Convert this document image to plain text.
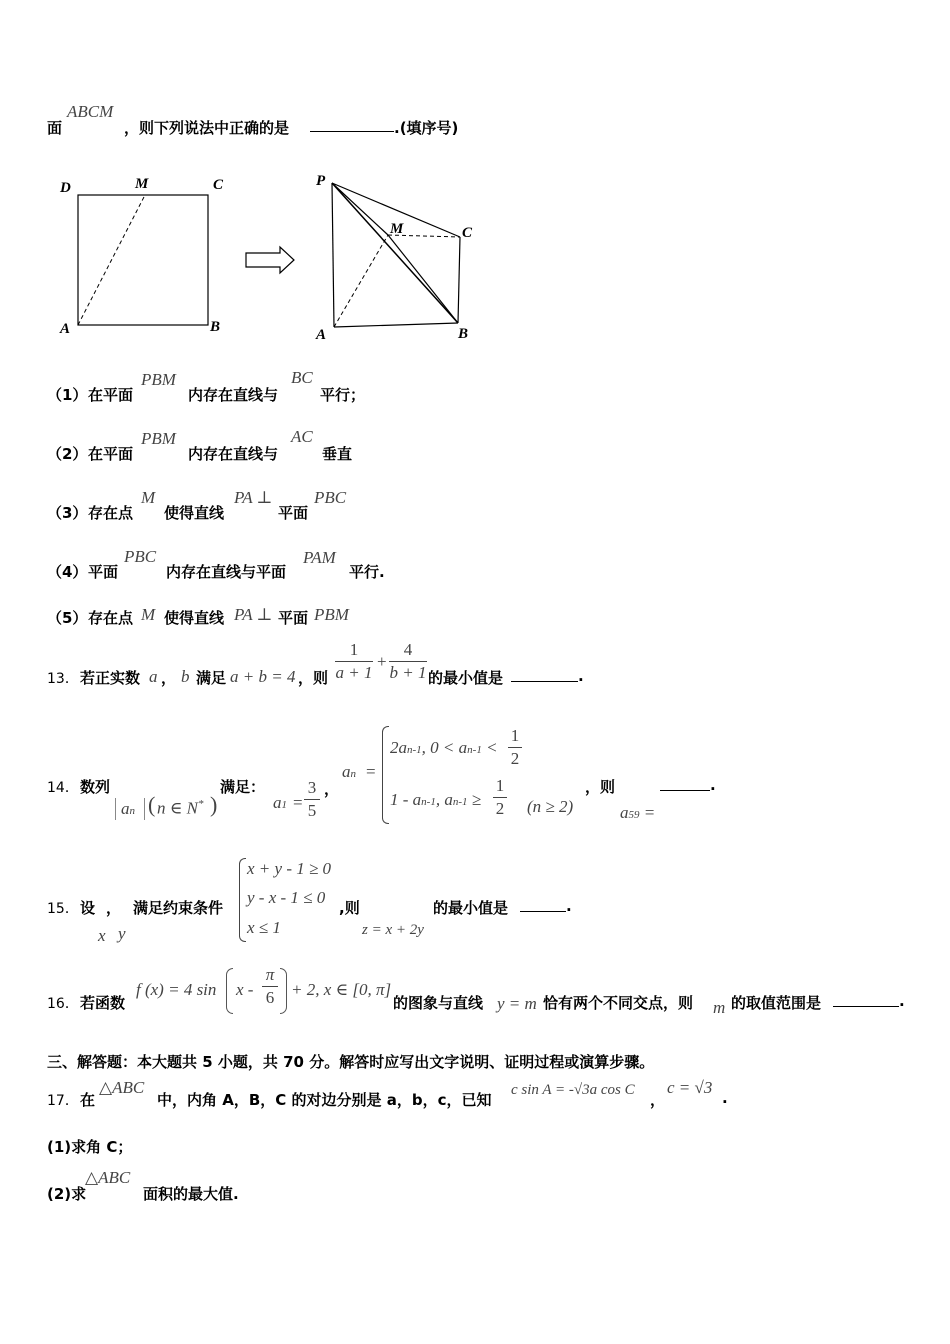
面
ABCM
，则下列说法中正确的是	.(填序号)
D	M	C
A	B
P
M	C
A	B
（1） 在平面
PBM
内存在直线与
BC
平行；
（2） 在平面
PBM
内存在直线与
AC
垂直
（3） 存在点
M
使得直线
PA ⊥
平面
PBC
（4） 平面
PBC
内存在直线与平面
PAM
平行.
（5） 存在点 M 使得直线 PA ⊥ 平面 PBM
13． 若正实数 a ， b 满足 a + b = 4 ，则
1
a + 1
+
4
b + 1 的最小值是	.
14． 数列
an ( n ∈ N* )
满足：
a1 =
3
5
，
an =
2an-1, 0 < an-1 <
1
2
1 - an-1, an-1 ≥
1
2 (n ≥ 2)
，则
a59 =
.
15． 设
x
，
y
满足约束条件
x + y - 1 ≥ 0
y - x - 1 ≤ 0
x ≤ 1
,则
z = x + 2y
的最小值是	.
16． 若函数
f (x) = 4 sin x -
π
6 + 2, x ∈ [0, π]
的图象与直线 y = m 恰有两个不同交点，则 m 的取值范围是	.
三、解答题：本大题共 5 小题，共 70 分。解答时应写出文字说明、证明过程或演算步骤。
17． 在
△ABC
中，内角 A，B，C 的对边分别是 a，b，c，已知
c sin A = -√3a cos C
，
c = √3
.
(1)求角 C；
(2)求
△ABC
面积的最大值.
